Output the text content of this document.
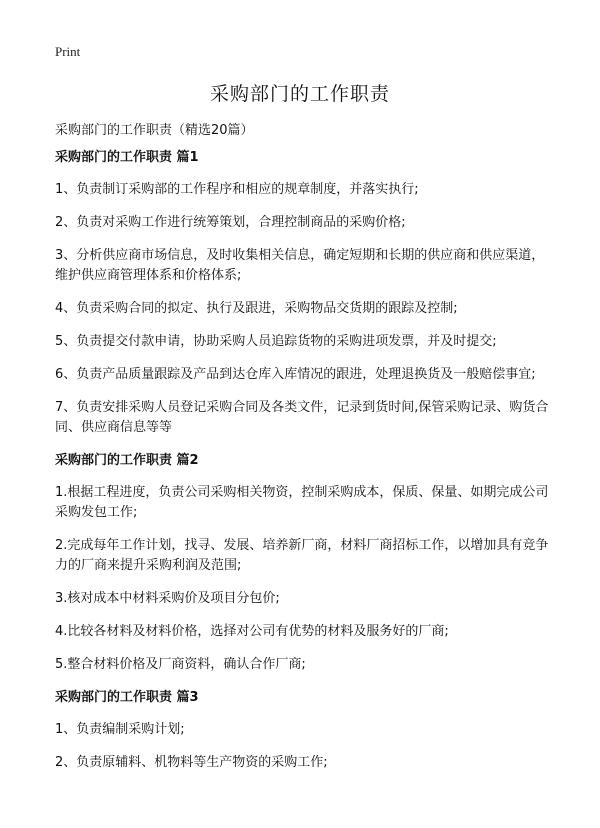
Print
采购部门的工作职责
采购部门的工作职责（精选20篇）
采购部门的工作职责 篇1
1、负责制订采购部的工作程序和相应的规章制度，并落实执行;
2、负责对采购工作进行统筹策划，合理控制商品的采购价格;
3、分析供应商市场信息，及时收集相关信息，确定短期和长期的供应商和供应渠道，维护供应商管理体系和价格体系;
4、负责采购合同的拟定、执行及跟进，采购物品交货期的跟踪及控制;
5、负责提交付款申请，协助采购人员追踪货物的采购进项发票，并及时提交;
6、负责产品质量跟踪及产品到达仓库入库情况的跟进，处理退换货及一般赔偿事宜;
7、负责安排采购人员登记采购合同及各类文件，记录到货时间,保管采购记录、购货合同、供应商信息等等
采购部门的工作职责 篇2
1.根据工程进度，负责公司采购相关物资，控制采购成本，保质、保量、如期完成公司采购发包工作;
2.完成每年工作计划，找寻、发展、培养新厂商，材料厂商招标工作，以增加具有竞争力的厂商来提升采购利润及范围;
3.核对成本中材料采购价及项目分包价;
4.比较各材料及材料价格，选择对公司有优势的材料及服务好的厂商;
5.整合材料价格及厂商资料，确认合作厂商;
采购部门的工作职责 篇3
1、负责编制采购计划;
2、负责原辅料、机物料等生产物资的采购工作;
